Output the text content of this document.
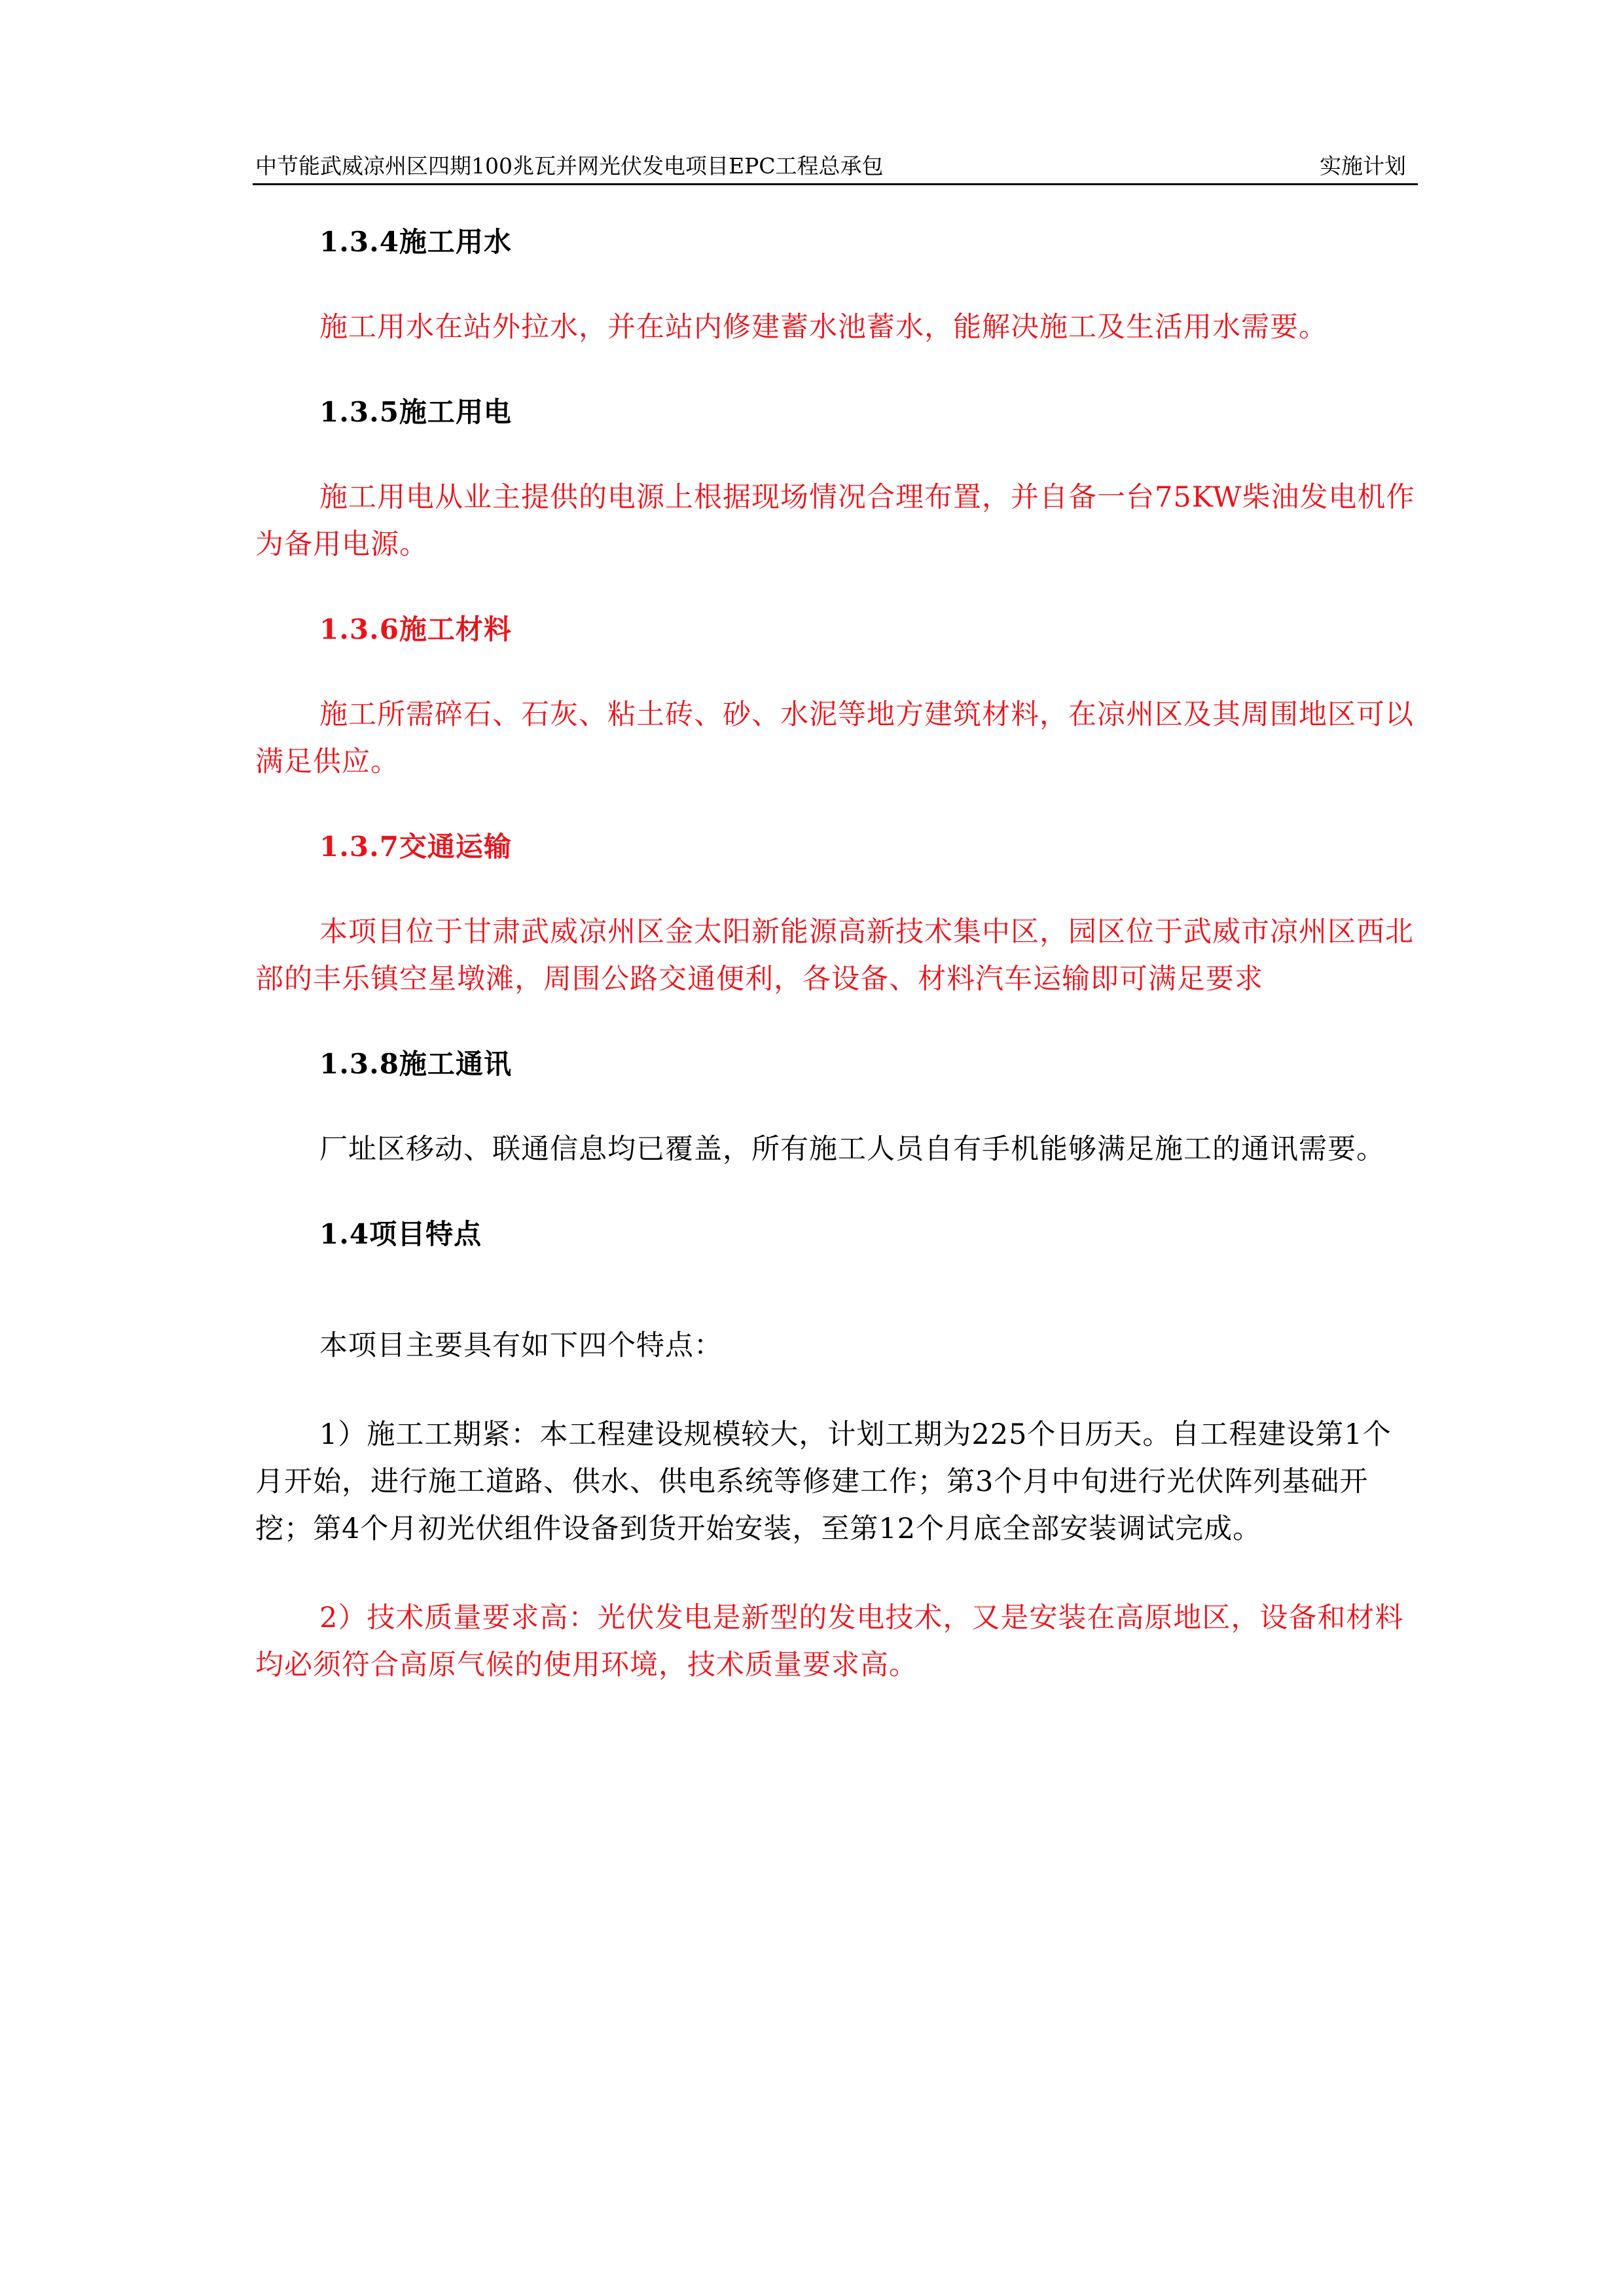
中节能武威凉州区四期100兆瓦并网光伏发电项目EPC工程总承包	实施计划
1.3.4施工用水
施工用水在站外拉水，并在站内修建蓄水池蓄水，能解决施工及生活用水需要。
1.3.5施工用电
施工用电从业主提供的电源上根据现场情况合理布置，并自备一台75KW柴油发电机作为备用电源。
1.3.6施工材料
施工所需碎石、石灰、粘土砖、砂、水泥等地方建筑材料，在凉州区及其周围地区可以满足供应。
1.3.7交通运输
本项目位于甘肃武威凉州区金太阳新能源高新技术集中区，园区位于武威市凉州区西北部的丰乐镇空星墩滩，周围公路交通便利，各设备、材料汽车运输即可满足要求
1.3.8施工通讯
厂址区移动、联通信息均已覆盖，所有施工人员自有手机能够满足施工的通讯需要。
1.4项目特点
本项目主要具有如下四个特点：
1）施工工期紧：本工程建设规模较大，计划工期为225个日历天。自工程建设第1个月开始，进行施工道路、供水、供电系统等修建工作；第3个月中旬进行光伏阵列基础开挖；第4个月初光伏组件设备到货开始安装，至第12个月底全部安装调试完成。
2）技术质量要求高：光伏发电是新型的发电技术，又是安装在高原地区，设备和材料均必须符合高原气候的使用环境，技术质量要求高。
